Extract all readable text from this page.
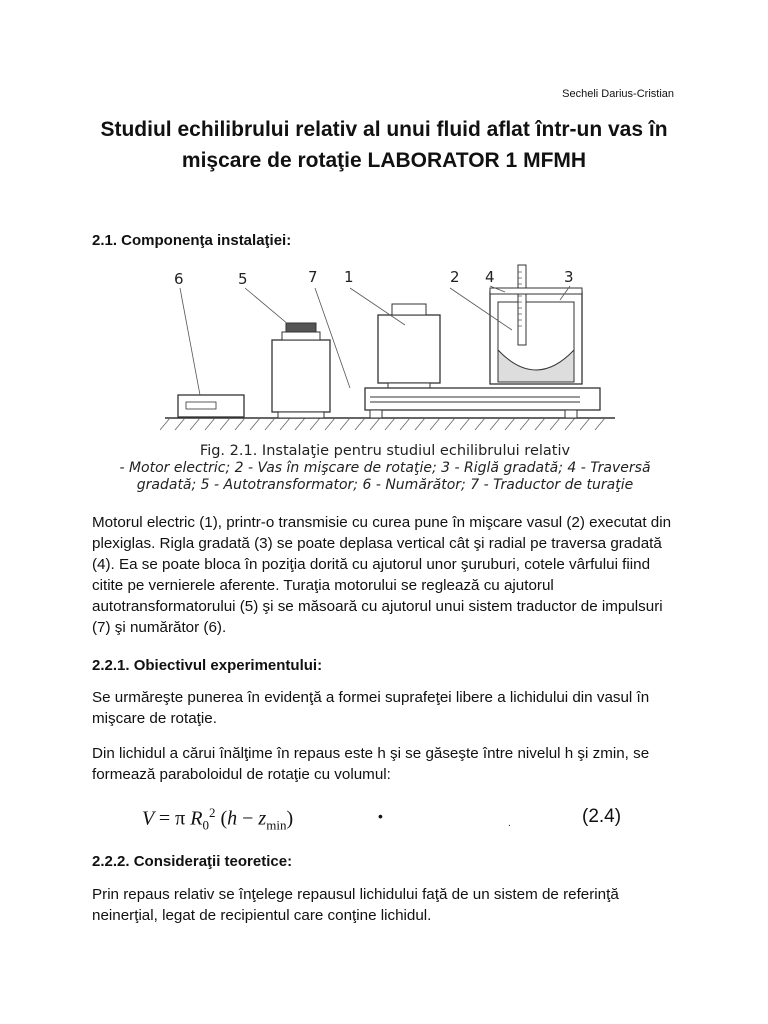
Secheli Darius-Cristian
Studiul echilibrului relativ al unui fluid aflat într-un vas în mişcare de rotaţie LABORATOR 1 MFMH
2.1. Componenţa instalaţiei:
6	5	7 1	2 4	3
Fig. 2.1. Instalaţie pentru studiul echilibrului relativ
- Motor electric; 2 - Vas în mişcare de rotaţie; 3 - Riglă gradată; 4 - Traversă
gradată; 5 - Autotransformator; 6 - Numărător; 7 - Traductor de turaţie

Motorul electric (1), printr-o transmisie cu curea pune în mişcare vasul (2) executat din plexiglas. Rigla gradată (3) se poate deplasa vertical cât şi radial pe traversa gradată (4). Ea se poate bloca în poziţia dorită cu ajutorul unor şuruburi, cotele vârfului fiind citite pe vernierele aferente. Turaţia motorului se reglează cu ajutorul autotransformatorului (5) şi se măsoară cu ajutorul unui sistem traductor de impulsuri (7) şi numărător (6).

2.2.1. Obiectivul experimentului:

Se urmăreşte punerea în evidenţă a formei suprafeţei libere a lichidului din vasul în mişcare de rotaţie.

Din lichidul a cărui înălţime în repaus este h şi se găseşte între nivelul h şi zmin, se formează paraboloidul de rotaţie cu volumul:

V = π $R_0^2$ $(h - z_{min})$	•	.	(2.4)
2.2.2. Consideraţii teoretice:

Prin repaus relativ se înţelege repausul lichidului faţă de un sistem de referinţă neinerţial, legat de recipientul care conţine lichidul.
